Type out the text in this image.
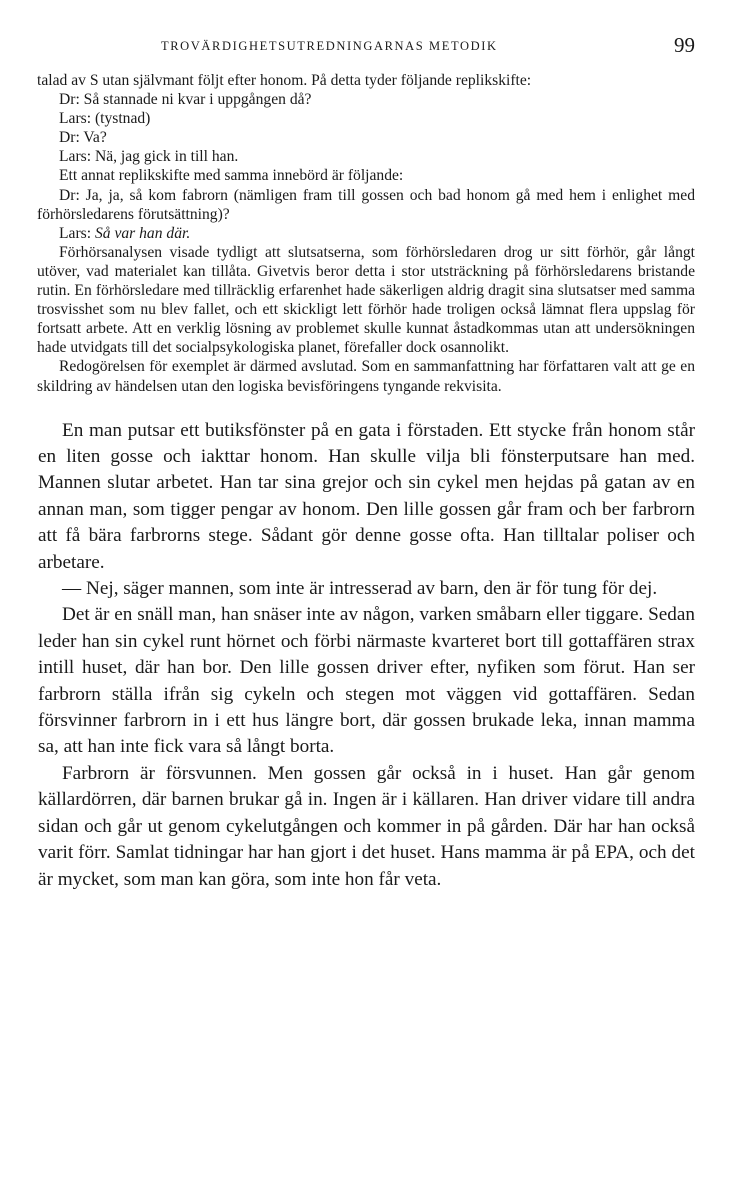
TROVÄRDIGHETSUTREDNINGARNAS METODIK	99

talad av S utan självmant följt efter honom. På detta tyder följande replikskifte:

Dr: Så stannade ni kvar i uppgången då?

Lars: (tystnad)

Dr: Va?

Lars: Nä, jag gick in till han.

Ett annat replikskifte med samma innebörd är följande:

Dr: Ja, ja, så kom fabrorn (nämligen fram till gossen och bad honom gå med hem i enlighet med förhörsledarens förutsättning)?

Lars: Så var han där.

Förhörsanalysen visade tydligt att slutsatserna, som förhörsledaren drog ur sitt förhör, går långt utöver, vad materialet kan tillåta. Givetvis beror detta i stor utsträckning på förhörsledarens bristande rutin. En förhörsledare med tillräcklig erfarenhet hade säkerligen aldrig dragit sina slutsatser med samma trosvisshet som nu blev fallet, och ett skickligt lett förhör hade troligen också lämnat flera uppslag för fortsatt arbete. Att en verklig lösning av problemet skulle kunnat åstadkommas utan att undersökningen hade utvidgats till det socialpsykologiska planet, förefaller dock osannolikt.

Redogörelsen för exemplet är därmed avslutad. Som en sammanfattning har författaren valt att ge en skildring av händelsen utan den logiska bevisföringens tyngande rekvisita.

En man putsar ett butiksfönster på en gata i förstaden. Ett stycke från honom står en liten gosse och iakttar honom. Han skulle vilja bli fönsterputsare han med. Mannen slutar arbetet. Han tar sina grejor och sin cykel men hejdas på gatan av en annan man, som tigger pengar av honom. Den lille gossen går fram och ber farbrorn att få bära farbrorns stege. Sådant gör denne gosse ofta. Han tilltalar poliser och arbetare.

— Nej, säger mannen, som inte är intresserad av barn, den är för tung för dej.

Det är en snäll man, han snäser inte av någon, varken småbarn eller tiggare. Sedan leder han sin cykel runt hörnet och förbi närmaste kvarteret bort till gottaffären strax intill huset, där han bor. Den lille gossen driver efter, nyfiken som förut. Han ser farbrorn ställa ifrån sig cykeln och stegen mot väggen vid gottaffären. Sedan försvinner farbrorn in i ett hus längre bort, där gossen brukade leka, innan mamma sa, att han inte fick vara så långt borta.

Farbrorn är försvunnen. Men gossen går också in i huset. Han går genom källardörren, där barnen brukar gå in. Ingen är i källaren. Han driver vidare till andra sidan och går ut genom cykelutgången och kommer in på gården. Där har han också varit förr. Samlat tidningar har han gjort i det huset. Hans mamma är på EPA, och det är mycket, som man kan göra, som inte hon får veta.
